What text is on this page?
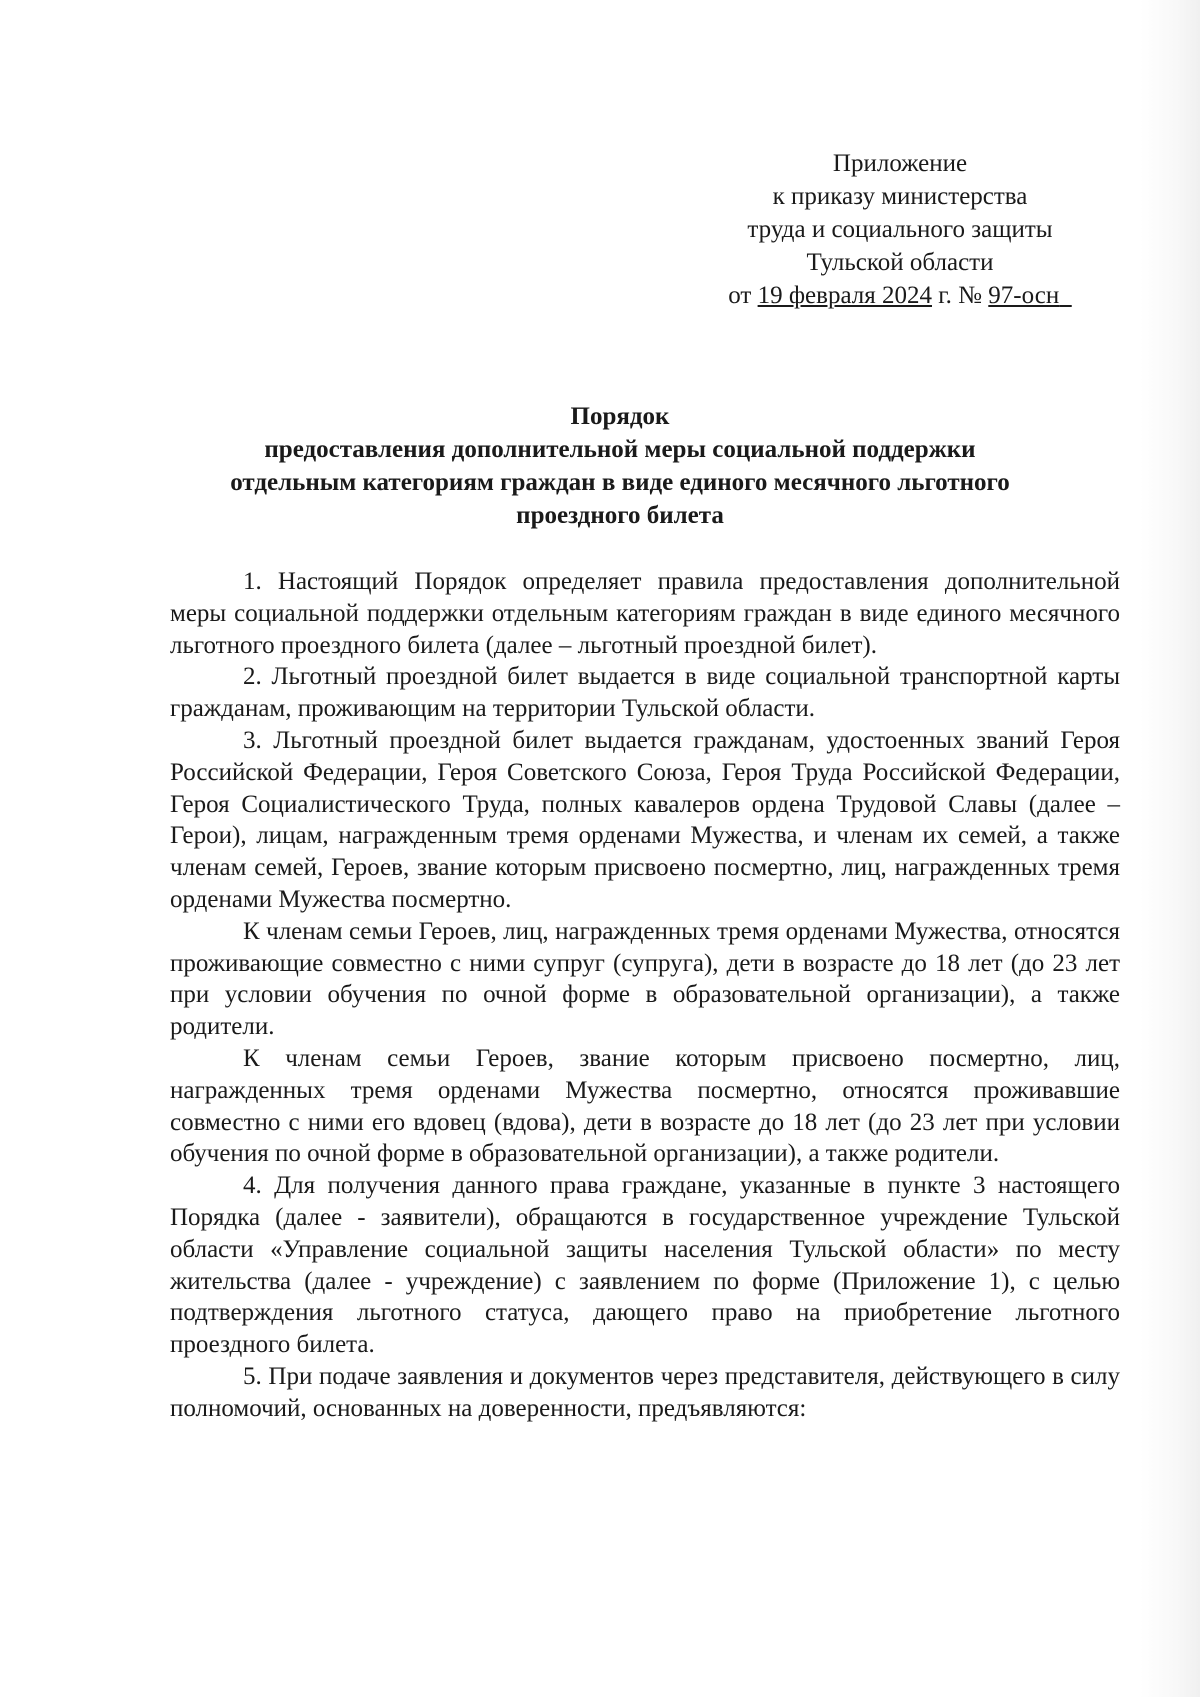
Приложение
к приказу министерства
труда и социального защиты
Тульской области
от 19 февраля 2024 г. № 97-осн
Порядок
предоставления дополнительной меры социальной поддержки
отдельным категориям граждан в виде единого месячного льготного
проездного билета

1. Настоящий Порядок определяет правила предоставления дополнительной меры социальной поддержки отдельным категориям граждан в виде единого месячного льготного проездного билета (далее – льготный проездной билет).

2. Льготный проездной билет выдается в виде социальной транспортной карты гражданам, проживающим на территории Тульской области.

3. Льготный проездной билет выдается гражданам, удостоенных званий Героя Российской Федерации, Героя Советского Союза, Героя Труда Российской Федерации, Героя Социалистического Труда, полных кавалеров ордена Трудовой Славы (далее – Герои), лицам, награжденным тремя орденами Мужества, и членам их семей, а также членам семей, Героев, звание которым присвоено посмертно, лиц, награжденных тремя орденами Мужества посмертно.

К членам семьи Героев, лиц, награжденных тремя орденами Мужества, относятся проживающие совместно с ними супруг (супруга), дети в возрасте до 18 лет (до 23 лет при условии обучения по очной форме в образовательной организации), а также родители.

К членам семьи Героев, звание которым присвоено посмертно, лиц, награжденных тремя орденами Мужества посмертно, относятся проживавшие совместно с ними его вдовец (вдова), дети в возрасте до 18 лет (до 23 лет при условии обучения по очной форме в образовательной организации), а также родители.

4. Для получения данного права граждане, указанные в пункте 3 настоящего Порядка (далее - заявители), обращаются в государственное учреждение Тульской области «Управление социальной защиты населения Тульской области» по месту жительства (далее - учреждение) с заявлением по форме (Приложение 1), с целью подтверждения льготного статуса, дающего право на приобретение льготного проездного билета.

5. При подаче заявления и документов через представителя, действующего в силу полномочий, основанных на доверенности, предъявляются:
